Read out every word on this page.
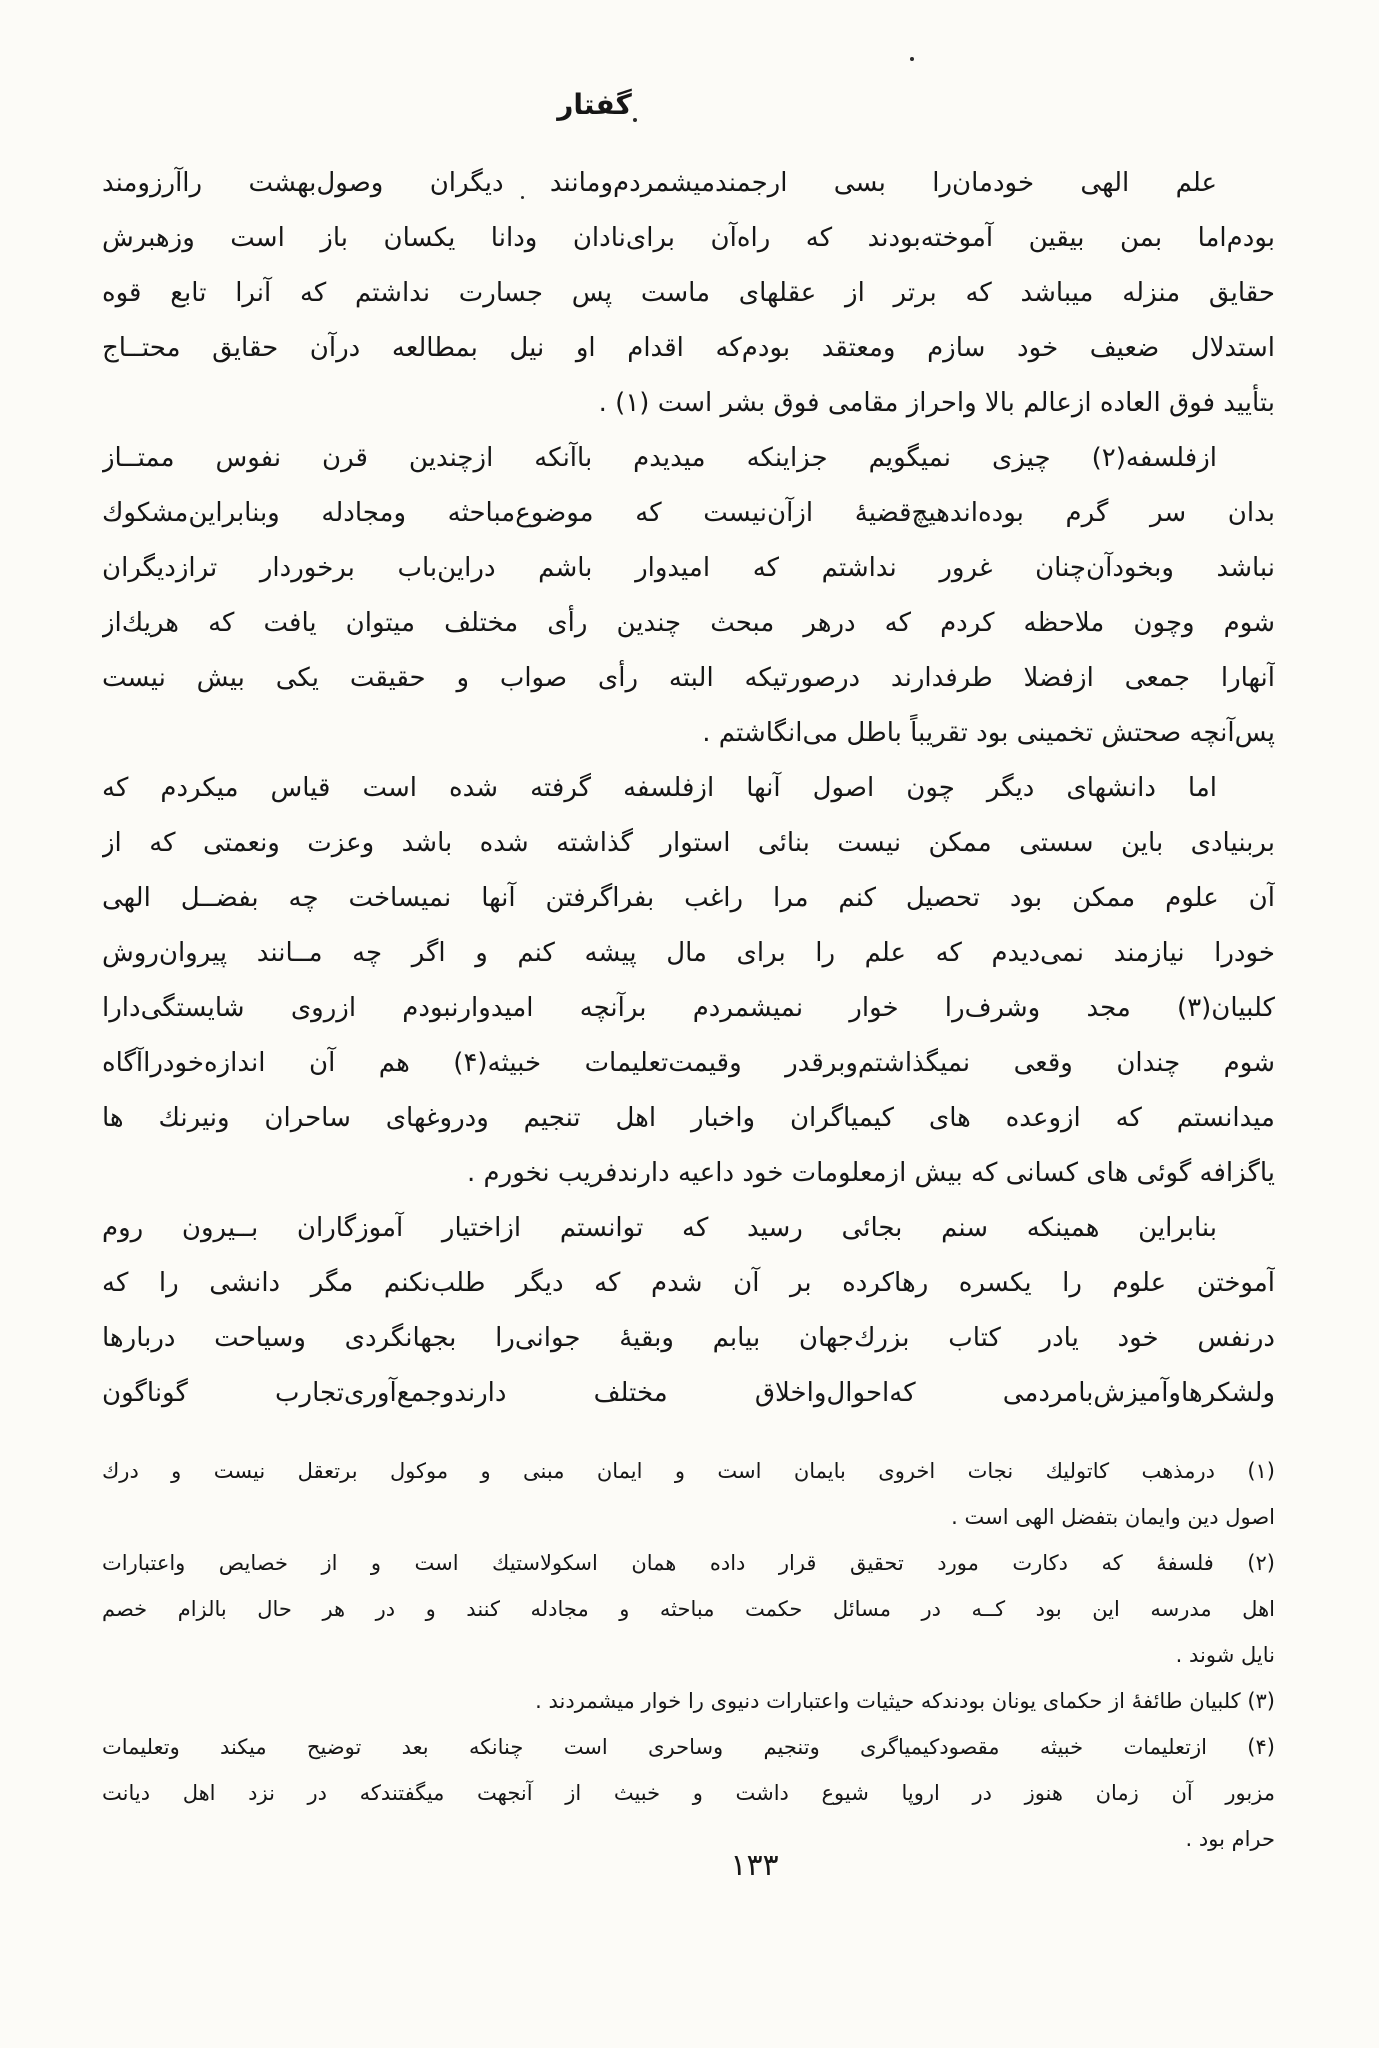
گفتار
علم الهی خودمان‌را بسی ارجمندمیشمردم‌ومانند دیگران وصول‌بهشت راآرزومند
بودم‌اما بمن بیقین آموخته‌بودند که راه‌آن برای‌نادان ودانا یکسان باز است وزهبرش
حقایق منزله میباشد که برتر از عقلهای ماست پس جسارت نداشتم که آنرا تابع قوه
استدلال ضعیف خود سازم ومعتقد بودم‌که اقدام او نیل بمطالعه درآن حقایق محتــاج
بتأیید فوق العاده ازعالم بالا واحراز مقامی فوق بشر است (۱) .
ازفلسفه(۲) چیزی نمیگویم جزاینکه میدیدم باآنکه ازچندین قرن نفوس ممتــاز
بدان سر گرم بوده‌اندهیچ‌قضیهٔ ازآن‌نیست که موضوع‌مباحثه ومجادله وبنابراین‌مشکوك
نباشد وبخودآن‌چنان غرور نداشتم که امیدوار باشم دراین‌باب برخوردار ترازدیگران
شوم وچون ملاحظه کردم که درهر مبحث چندین رأی مختلف میتوان یافت که هریك‌از
آنهارا جمعی ازفضلا طرفدارند درصورتیکه البته رأی صواب و حقیقت یکی بیش نیست
پس‌آنچه صحتش تخمینی بود تقریباً باطل می‌انگاشتم .
اما دانشهای دیگر چون اصول آنها ازفلسفه گرفته شده است قیاس میکردم که
بربنیادی باین سستی ممکن نیست بنائی استوار گذاشته شده باشد وعزت ونعمتی که از
آن علوم ممکن بود تحصیل کنم مرا راغب بفراگرفتن آنها نمیساخت چه بفضــل الهی
خودرا نیازمند نمی‌دیدم که علم را برای مال پیشه کنم و اگر چه مــانند پیروان‌روش
کلبیان(۳) مجد وشرف‌را خوار نمیشمردم برآنچه امیدوارنبودم ازروی شایستگی‌دارا
شوم چندان وقعی نمیگذاشتم‌وبرقدر وقیمت‌تعلیمات خبیثه(۴) هم آن اندازه‌خودراآگاه
میدانستم که ازوعده های کیمیاگران واخبار اهل تنجیم ودروغهای ساحران ونیرنك ها
یاگزافه گوئی های کسانی که بیش ازمعلومات خود داعیه دارندفریب نخورم .
بنابراین همینکه سنم بجائی رسید که توانستم ازاختیار آموزگاران بــیرون روم
آموختن علوم را یکسره رهاکرده بر آن شدم که دیگر طلب‌نکنم مگر دانشی را که
درنفس خود یادر کتاب بزرك‌جهان بیابم وبقیهٔ جوانی‌را بجهانگردی وسیاحت دربارها
ولشکرهاوآمیزش‌بامردمی که‌احوال‌واخلاق مختلف دارندوجمع‌آوری‌تجارب گوناگون
(۱) درمذهب کاتولیك نجات اخروی بایمان است و ایمان مبنی و موکول برتعقل نیست و درك
اصول دین وایمان بتفضل الهی است .
(۲) فلسفهٔ که دکارت مورد تحقیق قرار داده همان اسکولاستیك است و از خصایص واعتبارات
اهل مدرسه این بود کــه در مسائل حکمت مباحثه و مجادله کنند و در هر حال بالزام خصم
نایل شوند .
(۳) کلبیان طائفهٔ از حکمای یونان بودندکه حیثیات واعتبارات دنیوی را خوار میشمردند .
(۴) ازتعلیمات خبیثه مقصودکیمیاگری وتنجیم وساحری است چنانکه بعد توضیح میکند وتعلیمات
مزبور آن زمان هنوز در اروپا شیوع داشت و خبیث از آنجهت میگفتندکه در نزد اهل دیانت
حرام بود .
۱۳۳
